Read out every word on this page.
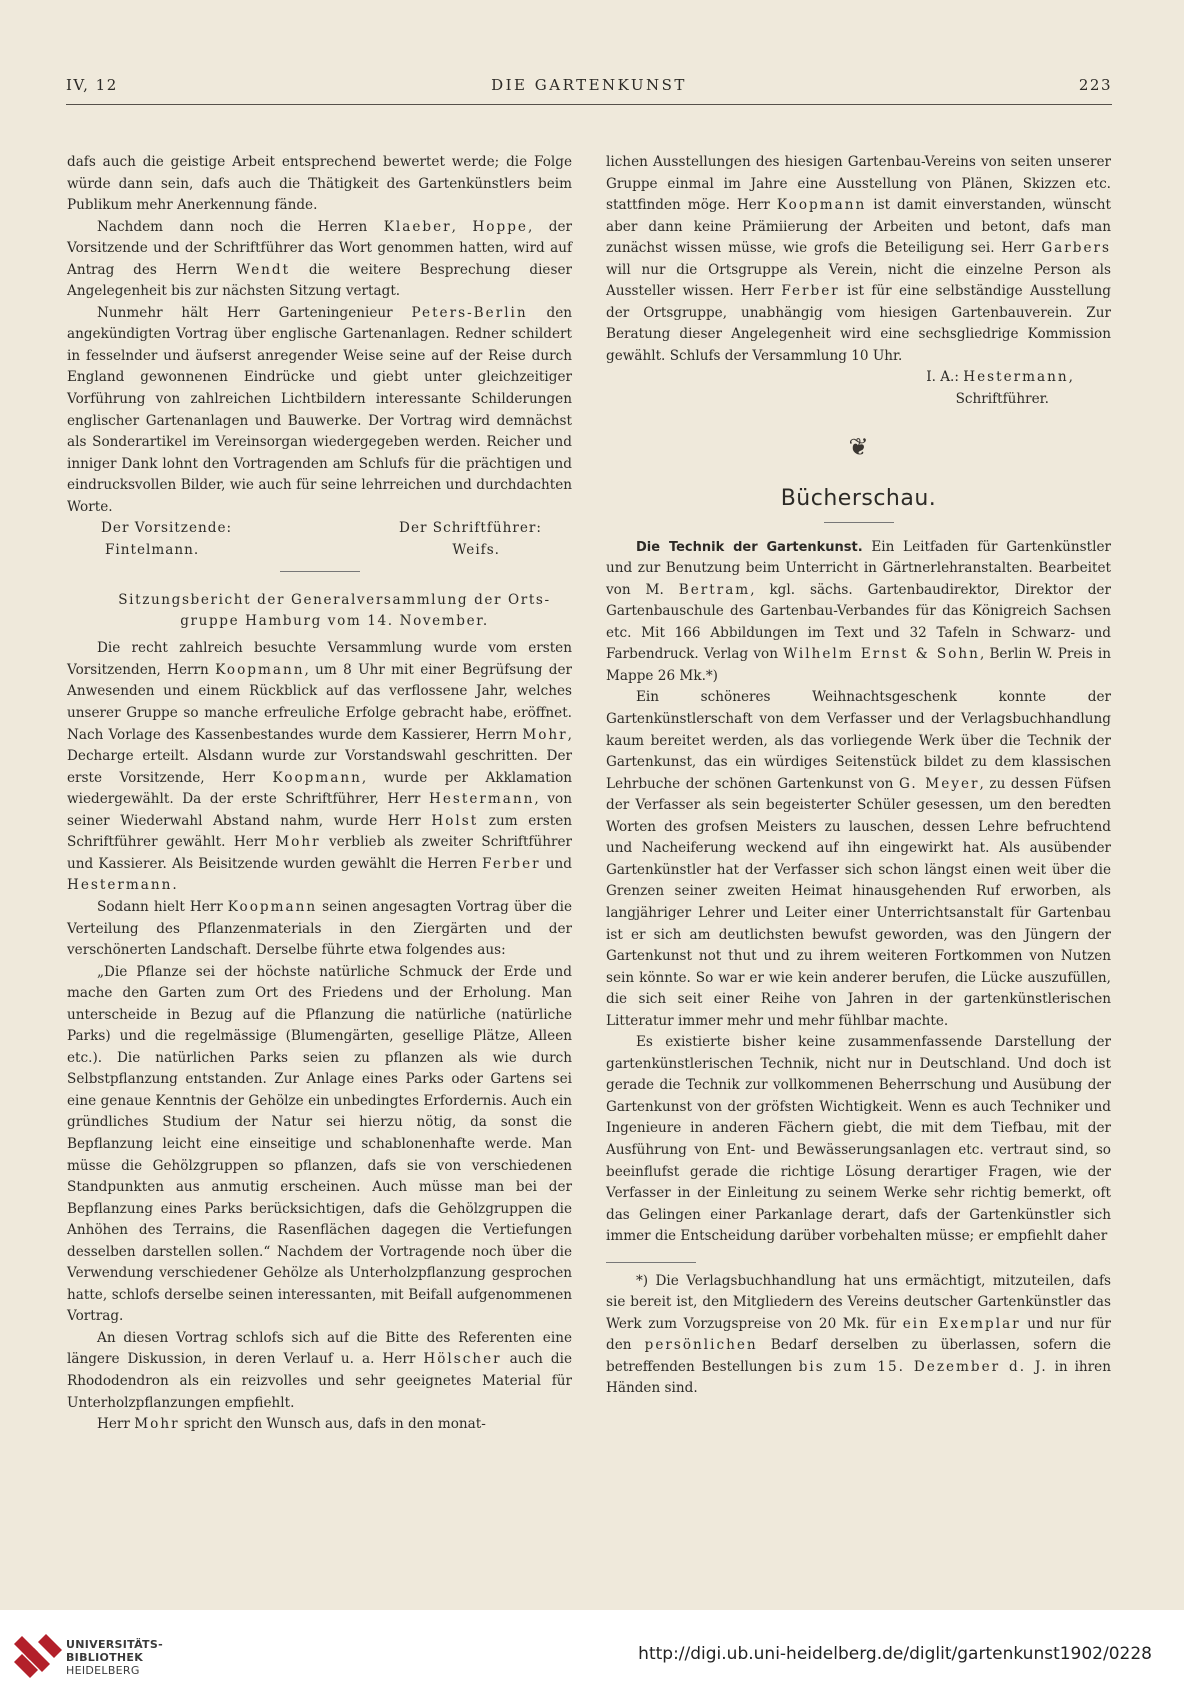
IV, 12	DIE GARTENKUNST	223

dafs auch die geistige Arbeit entsprechend bewertet werde; die Folge würde dann sein, dafs auch die Thätigkeit des Gartenkünstlers beim Publikum mehr Anerkennung fände.

Nachdem dann noch die Herren Klaeber, Hoppe, der Vorsitzende und der Schriftführer das Wort genommen hatten, wird auf Antrag des Herrn Wendt die weitere Besprechung dieser Angelegenheit bis zur nächsten Sitzung vertagt.

Nunmehr hält Herr Garteningenieur Peters-Berlin den angekündigten Vortrag über englische Gartenanlagen. Redner schildert in fesselnder und äufserst anregender Weise seine auf der Reise durch England gewonnenen Eindrücke und giebt unter gleichzeitiger Vorführung von zahlreichen Lichtbildern interessante Schilderungen englischer Gartenanlagen und Bauwerke. Der Vortrag wird demnächst als Sonderartikel im Vereinsorgan wiedergegeben werden. Reicher und inniger Dank lohnt den Vortragenden am Schlufs für die prächtigen und eindrucksvollen Bilder, wie auch für seine lehrreichen und durchdachten Worte.

Der Vorsitzende:	Der Schriftführer:
Fintelmann.	Weifs.

Sitzungsbericht der Generalversammlung der Orts-

gruppe Hamburg vom 14. November.

Die recht zahlreich besuchte Versammlung wurde vom ersten Vorsitzenden, Herrn Koopmann, um 8 Uhr mit einer Begrüfsung der Anwesenden und einem Rückblick auf das verflossene Jahr, welches unserer Gruppe so manche erfreuliche Erfolge gebracht habe, eröffnet. Nach Vorlage des Kassenbestandes wurde dem Kassierer, Herrn Mohr, Decharge erteilt. Alsdann wurde zur Vorstandswahl geschritten. Der erste Vorsitzende, Herr Koopmann, wurde per Akklamation wiedergewählt. Da der erste Schriftführer, Herr Hestermann, von seiner Wiederwahl Abstand nahm, wurde Herr Holst zum ersten Schriftführer gewählt. Herr Mohr verblieb als zweiter Schriftführer und Kassierer. Als Beisitzende wurden gewählt die Herren Ferber und Hestermann.

Sodann hielt Herr Koopmann seinen angesagten Vortrag über die Verteilung des Pflanzenmaterials in den Ziergärten und der verschönerten Landschaft. Derselbe führte etwa folgendes aus:

„Die Pflanze sei der höchste natürliche Schmuck der Erde und mache den Garten zum Ort des Friedens und der Erholung. Man unterscheide in Bezug auf die Pflanzung die natürliche (natürliche Parks) und die regelmässige (Blumengärten, gesellige Plätze, Alleen etc.). Die natürlichen Parks seien zu pflanzen als wie durch Selbstpflanzung entstanden. Zur Anlage eines Parks oder Gartens sei eine genaue Kenntnis der Gehölze ein unbedingtes Erfordernis. Auch ein gründliches Studium der Natur sei hierzu nötig, da sonst die Bepflanzung leicht eine einseitige und schablonenhafte werde. Man müsse die Gehölzgruppen so pflanzen, dafs sie von verschiedenen Standpunkten aus anmutig erscheinen. Auch müsse man bei der Bepflanzung eines Parks berücksichtigen, dafs die Gehölzgruppen die Anhöhen des Terrains, die Rasenflächen dagegen die Vertiefungen desselben darstellen sollen.“ Nachdem der Vortragende noch über die Verwendung verschiedener Gehölze als Unterholzpflanzung gesprochen hatte, schlofs derselbe seinen interessanten, mit Beifall aufgenommenen Vortrag.

An diesen Vortrag schlofs sich auf die Bitte des Referenten eine längere Diskussion, in deren Verlauf u. a. Herr Hölscher auch die Rhododendron als ein reizvolles und sehr geeignetes Material für Unterholzpflanzungen empfiehlt.

Herr Mohr spricht den Wunsch aus, dafs in den monat-

lichen Ausstellungen des hiesigen Gartenbau-Vereins von seiten unserer Gruppe einmal im Jahre eine Ausstellung von Plänen, Skizzen etc. stattfinden möge. Herr Koopmann ist damit einverstanden, wünscht aber dann keine Prämiierung der Arbeiten und betont, dafs man zunächst wissen müsse, wie grofs die Beteiligung sei. Herr Garbers will nur die Ortsgruppe als Verein, nicht die einzelne Person als Aussteller wissen. Herr Ferber ist für eine selbständige Ausstellung der Ortsgruppe, unabhängig vom hiesigen Gartenbauverein. Zur Beratung dieser Angelegenheit wird eine sechsgliedrige Kommission gewählt. Schlufs der Versammlung 10 Uhr.

I. A.: Hestermann,

Schriftführer.

❦
Bücherschau.

Die Technik der Gartenkunst. Ein Leitfaden für Gartenkünstler und zur Benutzung beim Unterricht in Gärtnerlehranstalten. Bearbeitet von M. Bertram, kgl. sächs. Gartenbaudirektor, Direktor der Gartenbauschule des Gartenbau-Verbandes für das Königreich Sachsen etc. Mit 166 Abbildungen im Text und 32 Tafeln in Schwarz- und Farbendruck. Verlag von Wilhelm Ernst & Sohn, Berlin W. Preis in Mappe 26 Mk.*)

Ein schöneres Weihnachtsgeschenk konnte der Gartenkünstlerschaft von dem Verfasser und der Verlagsbuchhandlung kaum bereitet werden, als das vorliegende Werk über die Technik der Gartenkunst, das ein würdiges Seitenstück bildet zu dem klassischen Lehrbuche der schönen Gartenkunst von G. Meyer, zu dessen Füfsen der Verfasser als sein begeisterter Schüler gesessen, um den beredten Worten des grofsen Meisters zu lauschen, dessen Lehre befruchtend und Nacheiferung weckend auf ihn eingewirkt hat. Als ausübender Gartenkünstler hat der Verfasser sich schon längst einen weit über die Grenzen seiner zweiten Heimat hinausgehenden Ruf erworben, als langjähriger Lehrer und Leiter einer Unterrichtsanstalt für Gartenbau ist er sich am deutlichsten bewufst geworden, was den Jüngern der Gartenkunst not thut und zu ihrem weiteren Fortkommen von Nutzen sein könnte. So war er wie kein anderer berufen, die Lücke auszufüllen, die sich seit einer Reihe von Jahren in der gartenkünstlerischen Litteratur immer mehr und mehr fühlbar machte.

Es existierte bisher keine zusammenfassende Darstellung der gartenkünstlerischen Technik, nicht nur in Deutschland. Und doch ist gerade die Technik zur vollkommenen Beherrschung und Ausübung der Gartenkunst von der gröfsten Wichtigkeit. Wenn es auch Techniker und Ingenieure in anderen Fächern giebt, die mit dem Tiefbau, mit der Ausführung von Ent- und Bewässerungsanlagen etc. vertraut sind, so beeinflufst gerade die richtige Lösung derartiger Fragen, wie der Verfasser in der Einleitung zu seinem Werke sehr richtig bemerkt, oft das Gelingen einer Parkanlage derart, dafs der Gartenkünstler sich immer die Entscheidung darüber vorbehalten müsse; er empfiehlt daher

*) Die Verlagsbuchhandlung hat uns ermächtigt, mitzuteilen, dafs sie bereit ist, den Mitgliedern des Vereins deutscher Gartenkünstler das Werk zum Vorzugspreise von 20 Mk. für ein Exemplar und nur für den persönlichen Bedarf derselben zu überlassen, sofern die betreffenden Bestellungen bis zum 15. Dezember d. J. in ihren Händen sind.

UNIVERSITÄTS-
BIBLIOTHEK
HEIDELBERG
http://digi.ub.uni-heidelberg.de/diglit/gartenkunst1902/0228
